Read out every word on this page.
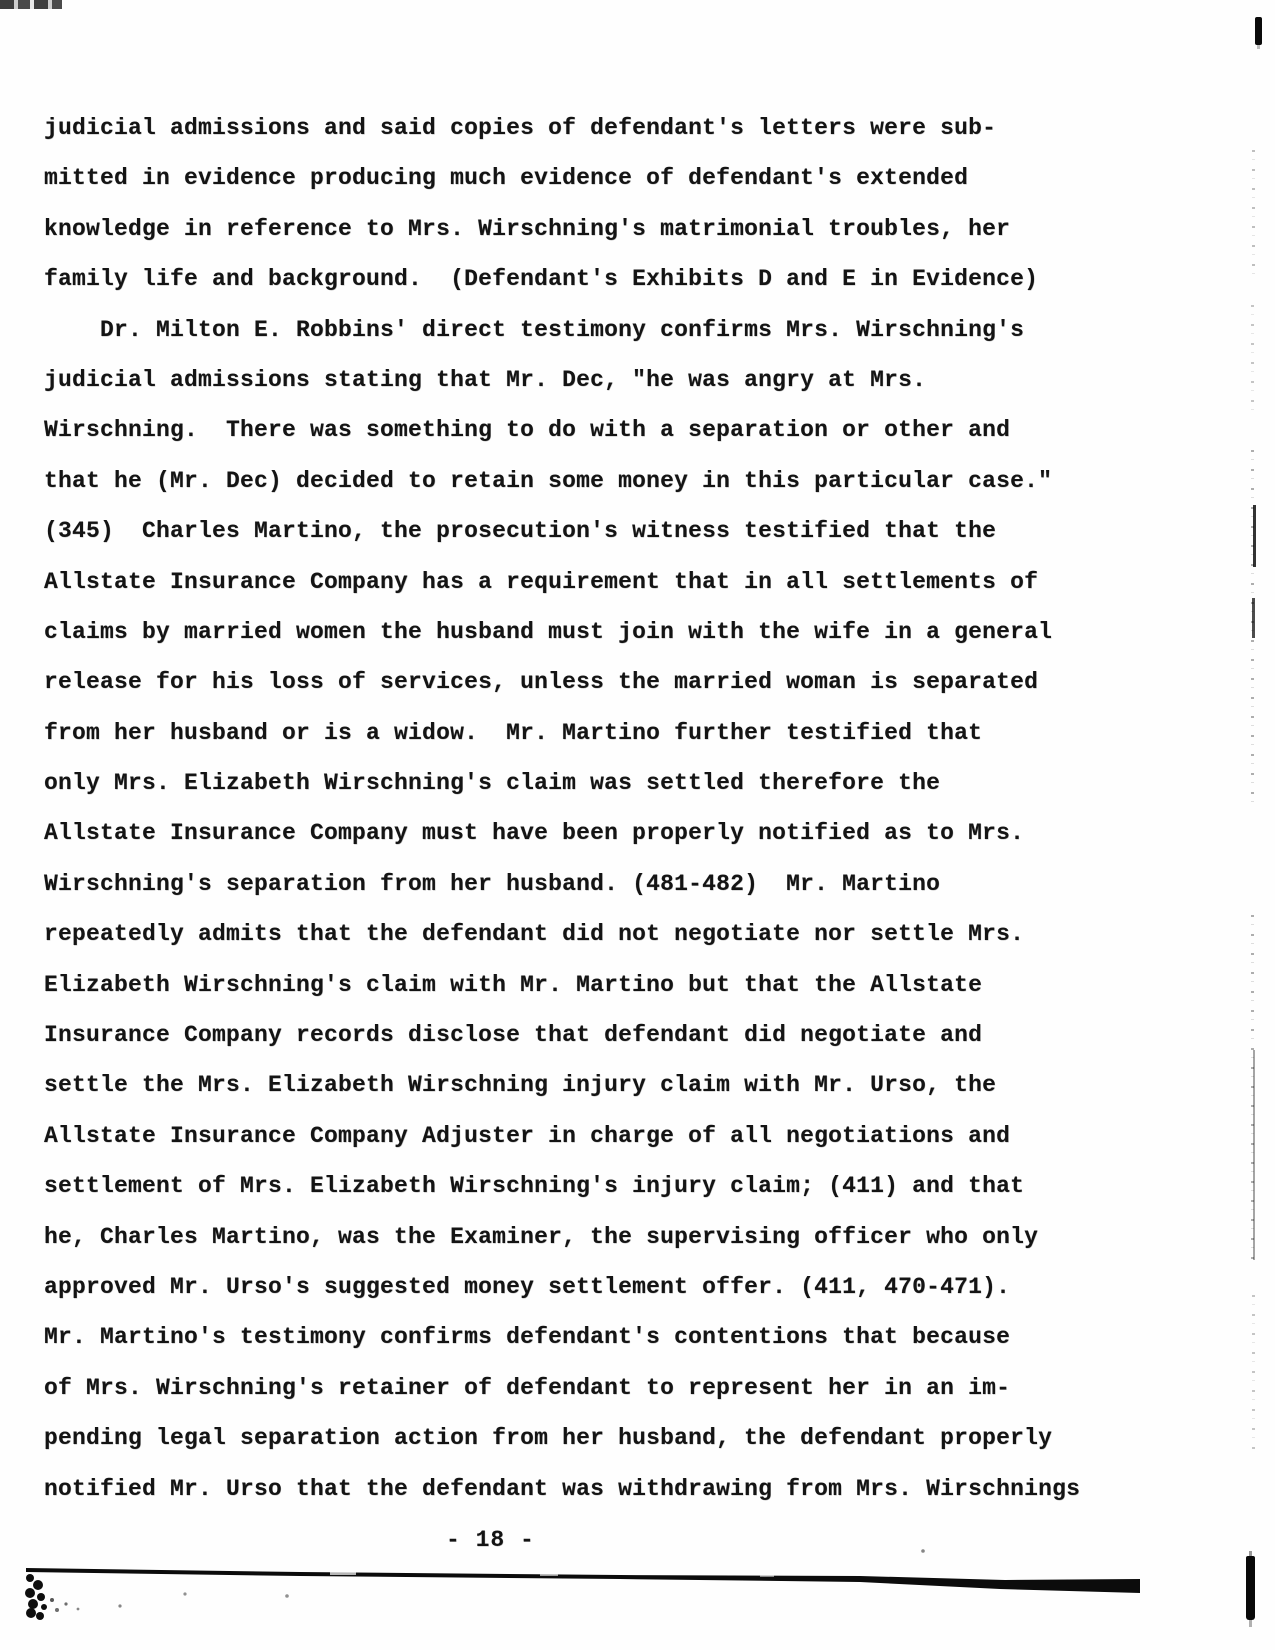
judicial admissions and said copies of defendant's letters were sub-
mitted in evidence producing much evidence of defendant's extended
knowledge in reference to Mrs. Wirschning's matrimonial troubles, her
family life and background.  (Defendant's Exhibits D and E in Evidence)
Dr. Milton E. Robbins' direct testimony confirms Mrs. Wirschning's
judicial admissions stating that Mr. Dec, "he was angry at Mrs.
Wirschning.  There was something to do with a separation or other and
that he (Mr. Dec) decided to retain some money in this particular case."
(345)  Charles Martino, the prosecution's witness testified that the
Allstate Insurance Company has a requirement that in all settlements of
claims by married women the husband must join with the wife in a general
release for his loss of services, unless the married woman is separated
from her husband or is a widow.  Mr. Martino further testified that
only Mrs. Elizabeth Wirschning's claim was settled therefore the
Allstate Insurance Company must have been properly notified as to Mrs.
Wirschning's separation from her husband. (481-482)  Mr. Martino
repeatedly admits that the defendant did not negotiate nor settle Mrs.
Elizabeth Wirschning's claim with Mr. Martino but that the Allstate
Insurance Company records disclose that defendant did negotiate and
settle the Mrs. Elizabeth Wirschning injury claim with Mr. Urso, the
Allstate Insurance Company Adjuster in charge of all negotiations and
settlement of Mrs. Elizabeth Wirschning's injury claim; (411) and that
he, Charles Martino, was the Examiner, the supervising officer who only
approved Mr. Urso's suggested money settlement offer. (411, 470-471).
Mr. Martino's testimony confirms defendant's contentions that because
of Mrs. Wirschning's retainer of defendant to represent her in an im-
pending legal separation action from her husband, the defendant properly
notified Mr. Urso that the defendant was withdrawing from Mrs. Wirschnings
- 18 -
